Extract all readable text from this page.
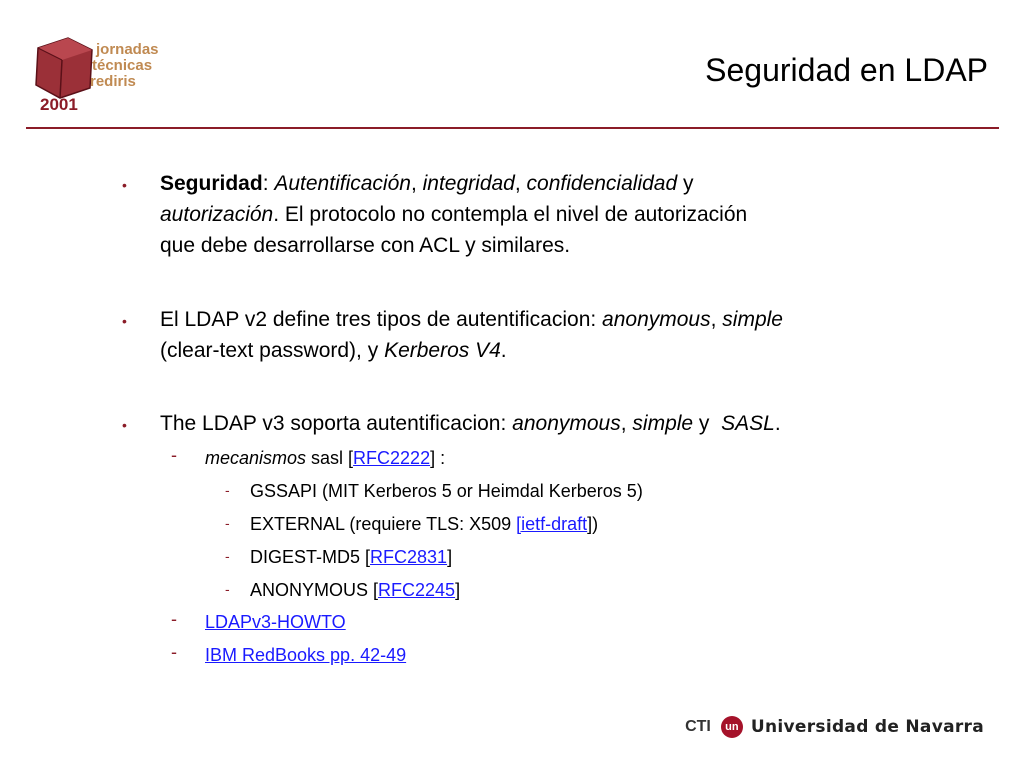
jornadas
técnicas
rediris
2001
Seguridad en LDAP
• Seguridad: Autentificación, integridad, confidencialidad y
autorización. El protocolo no contempla el nivel de autorización
que debe desarrollarse con ACL y similares.
• El LDAP v2 define tres tipos de autentificacion: anonymous, simple
(clear-text password), y Kerberos V4.
• The LDAP v3 soporta autentificacion: anonymous, simple y  SASL.
- mecanismos sasl [RFC2222] :
- GSSAPI (MIT Kerberos 5 or Heimdal Kerberos 5)
- EXTERNAL (requiere TLS: X509 [ietf-draft])
- DIGEST-MD5 [RFC2831]
- ANONYMOUS [RFC2245]
- LDAPv3-HOWTO
- IBM RedBooks pp. 42-49
CTI	un Universidad de Navarra
